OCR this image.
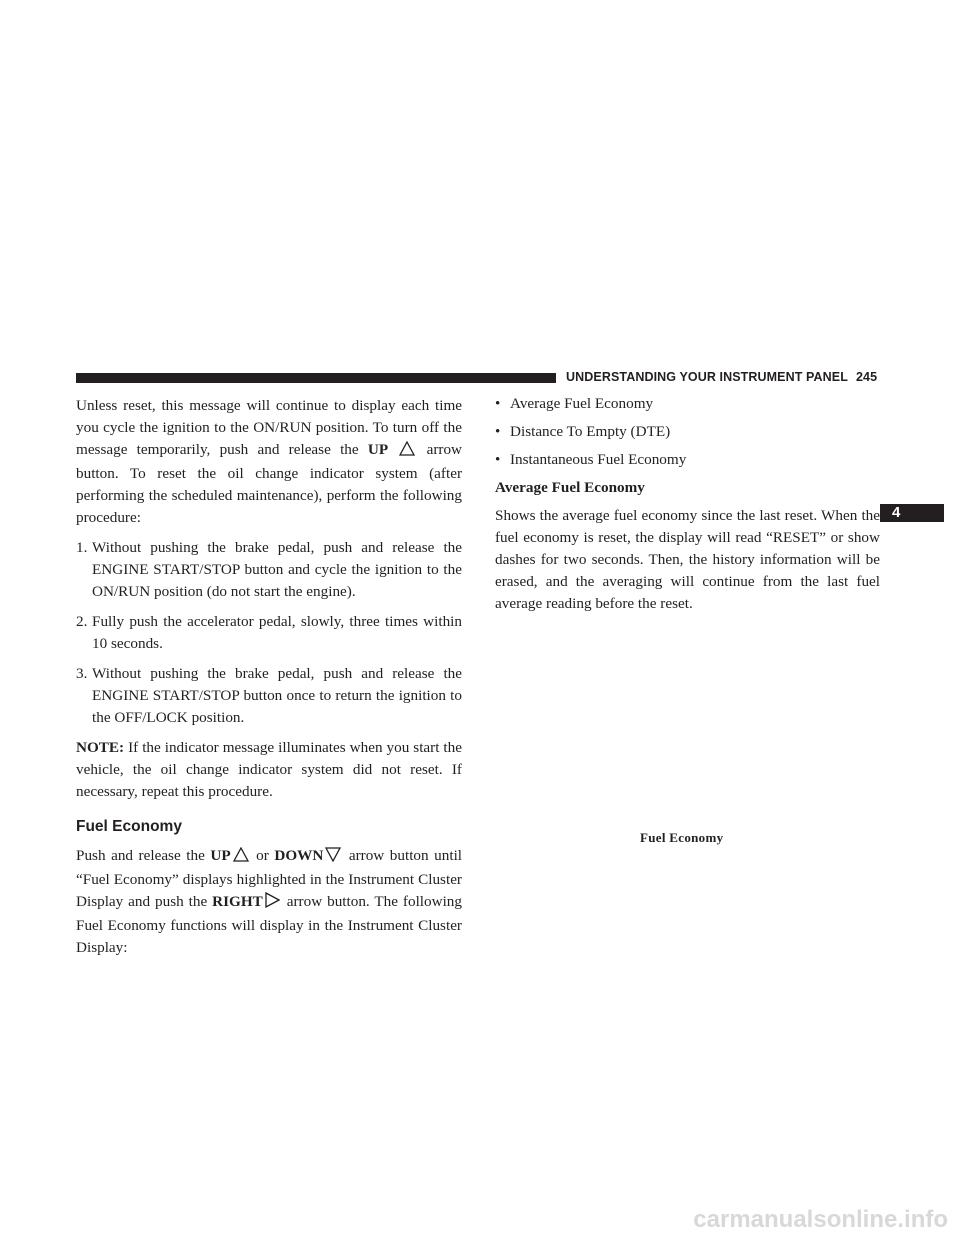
UNDERSTANDING YOUR INSTRUMENT PANEL 245
4

Unless reset, this message will continue to display each time you cycle the ignition to the ON/RUN position. To turn off the message temporarily, push and release the UP	arrow button. To reset the oil change indicator system (after performing the scheduled maintenance), perform the following procedure:

1. Without pushing the brake pedal, push and release the ENGINE START/STOP button and cycle the ignition to the ON/RUN position (do not start the engine).
2. Fully push the accelerator pedal, slowly, three times within 10 seconds.
3. Without pushing the brake pedal, push and release the ENGINE START/STOP button once to return the ignition to the OFF/LOCK position.

NOTE: If the indicator message illuminates when you start the vehicle, the oil change indicator system did not reset. If necessary, repeat this procedure.

Fuel Economy

Push and release the UP or DOWN arrow button until “Fuel Economy” displays highlighted in the Instrument Cluster Display and push the RIGHT arrow button. The following Fuel Economy functions will display in the Instrument Cluster Display:

• Average Fuel Economy
• Distance To Empty (DTE)
• Instantaneous Fuel Economy
Average Fuel Economy

Shows the average fuel economy since the last reset. When the fuel economy is reset, the display will read “RESET” or show dashes for two seconds. Then, the history information will be erased, and the averaging will continue from the last fuel average reading before the reset.

Fuel Economy
carmanualsonline.info
